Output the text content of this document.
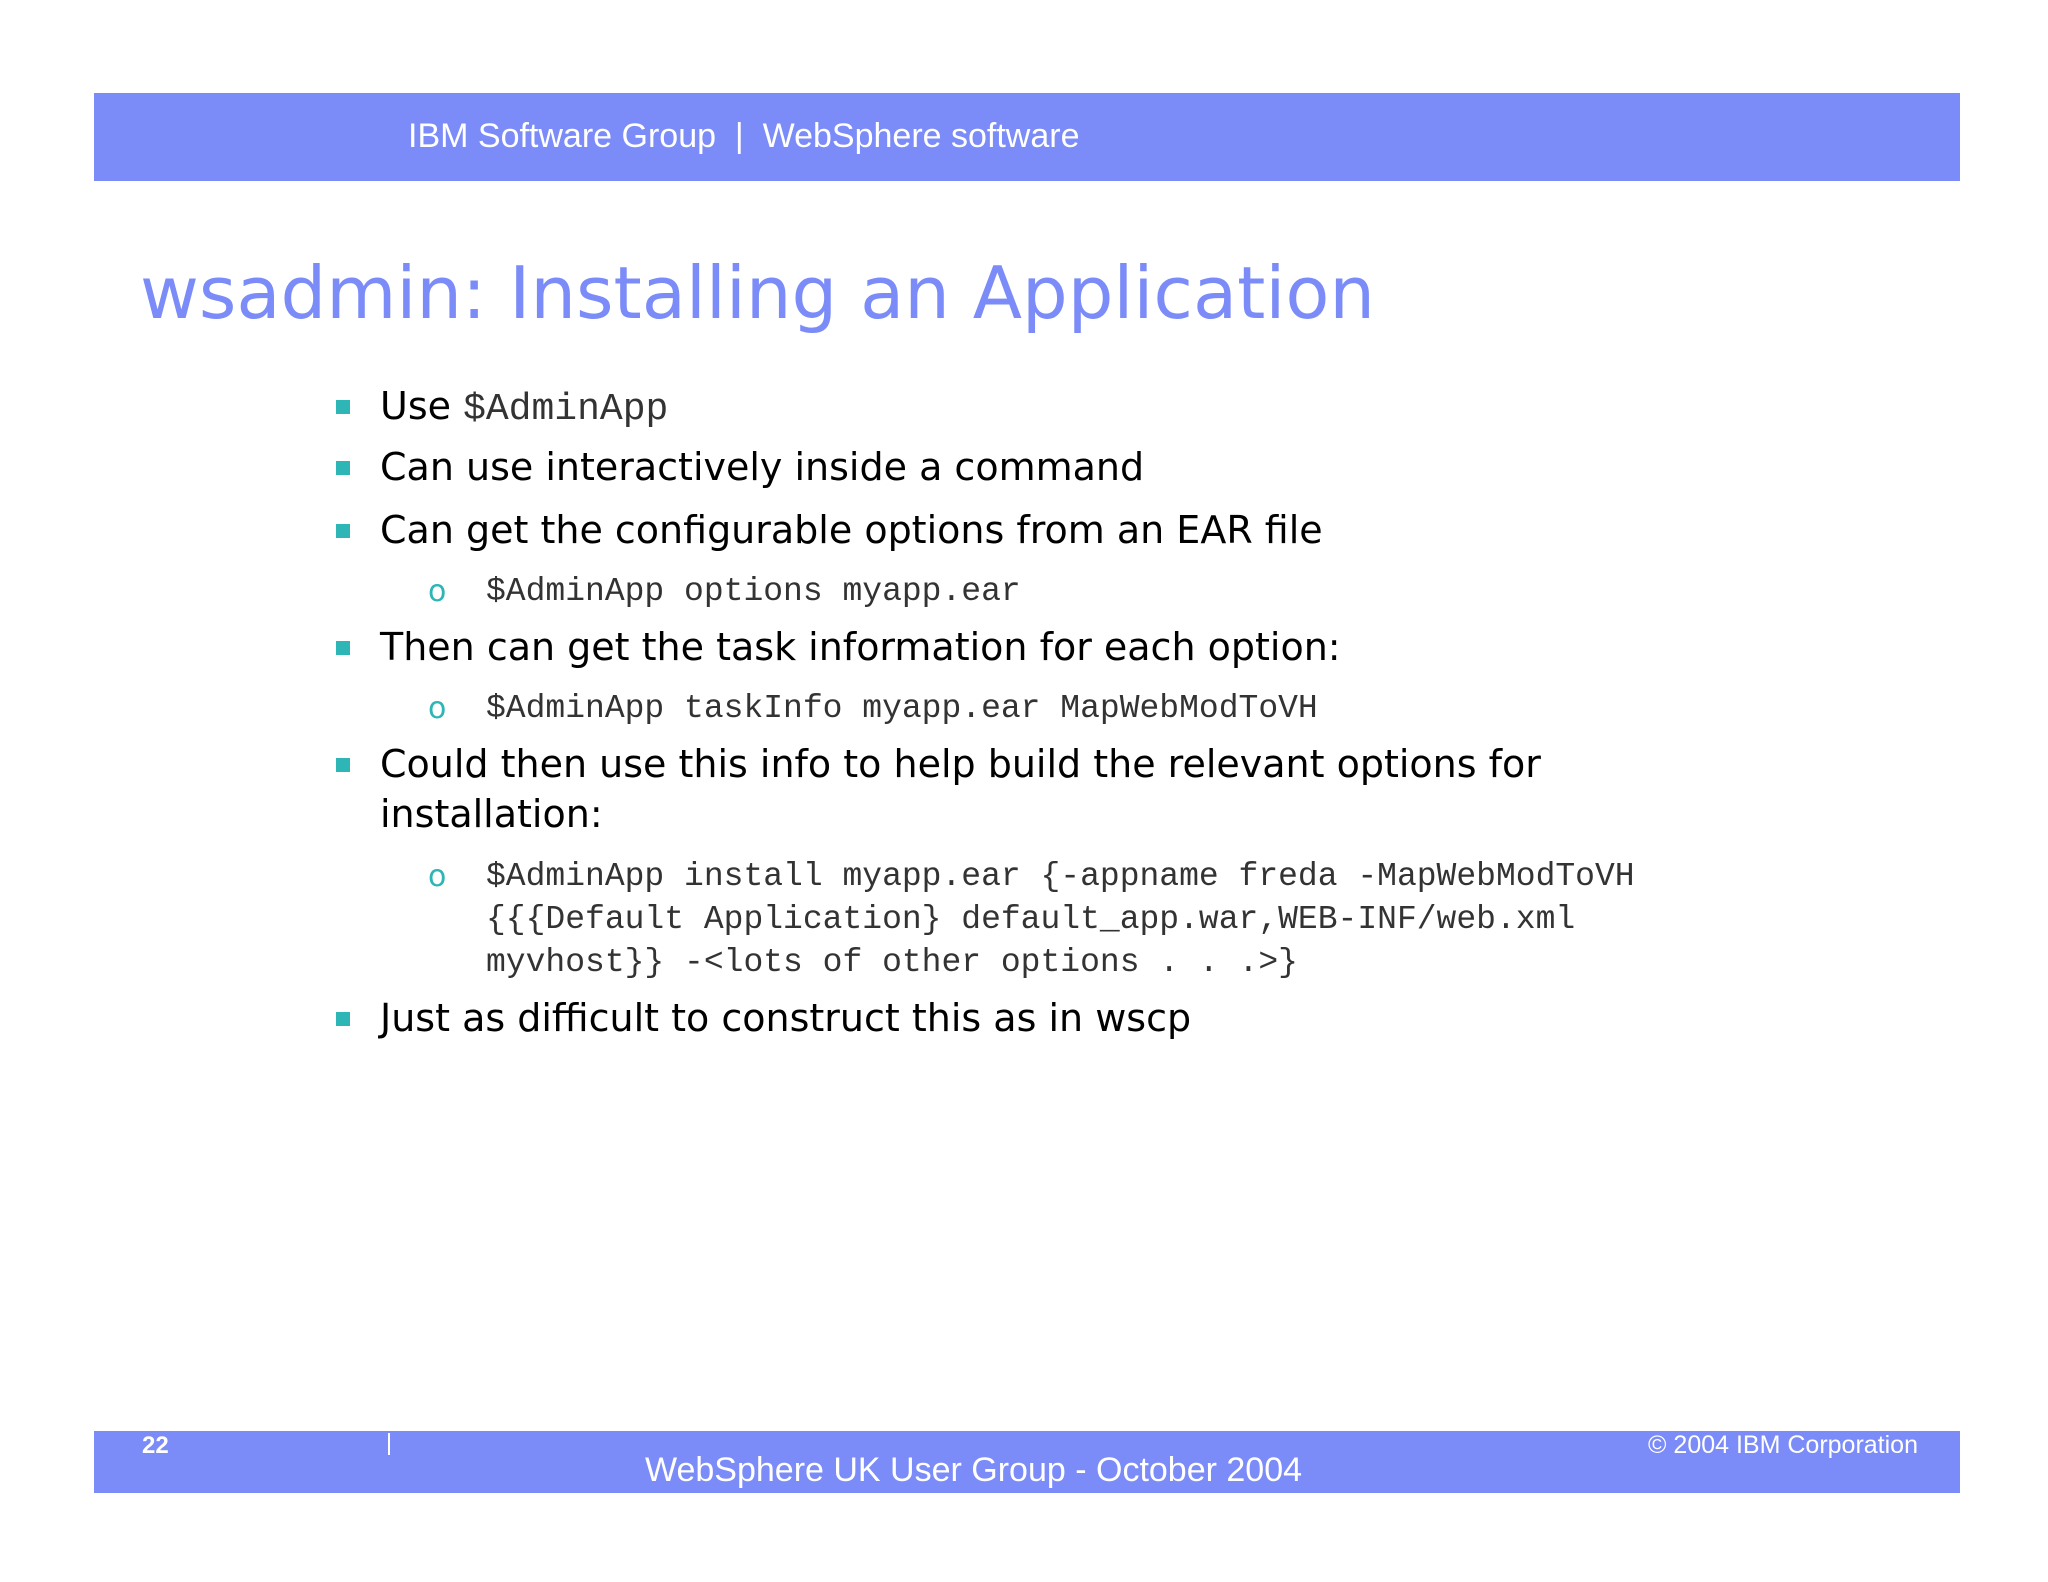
IBM Software Group  |  WebSphere software
wsadmin: Installing an Application
Use $AdminApp
Can use interactively inside a command
Can get the configurable options from an EAR file
o $AdminApp options myapp.ear
Then can get the task information for each option:
o $AdminApp taskInfo myapp.ear MapWebModToVH
Could then use this info to help build the relevant options for
installation:
o $AdminApp install myapp.ear {-appname freda -MapWebModToVH
{{{Default Application} default_app.war,WEB-INF/web.xml
myvhost}} -<lots of other options . . .>}
Just as difficult to construct this as in wscp
22
WebSphere UK User Group - October 2004
© 2004 IBM Corporation
